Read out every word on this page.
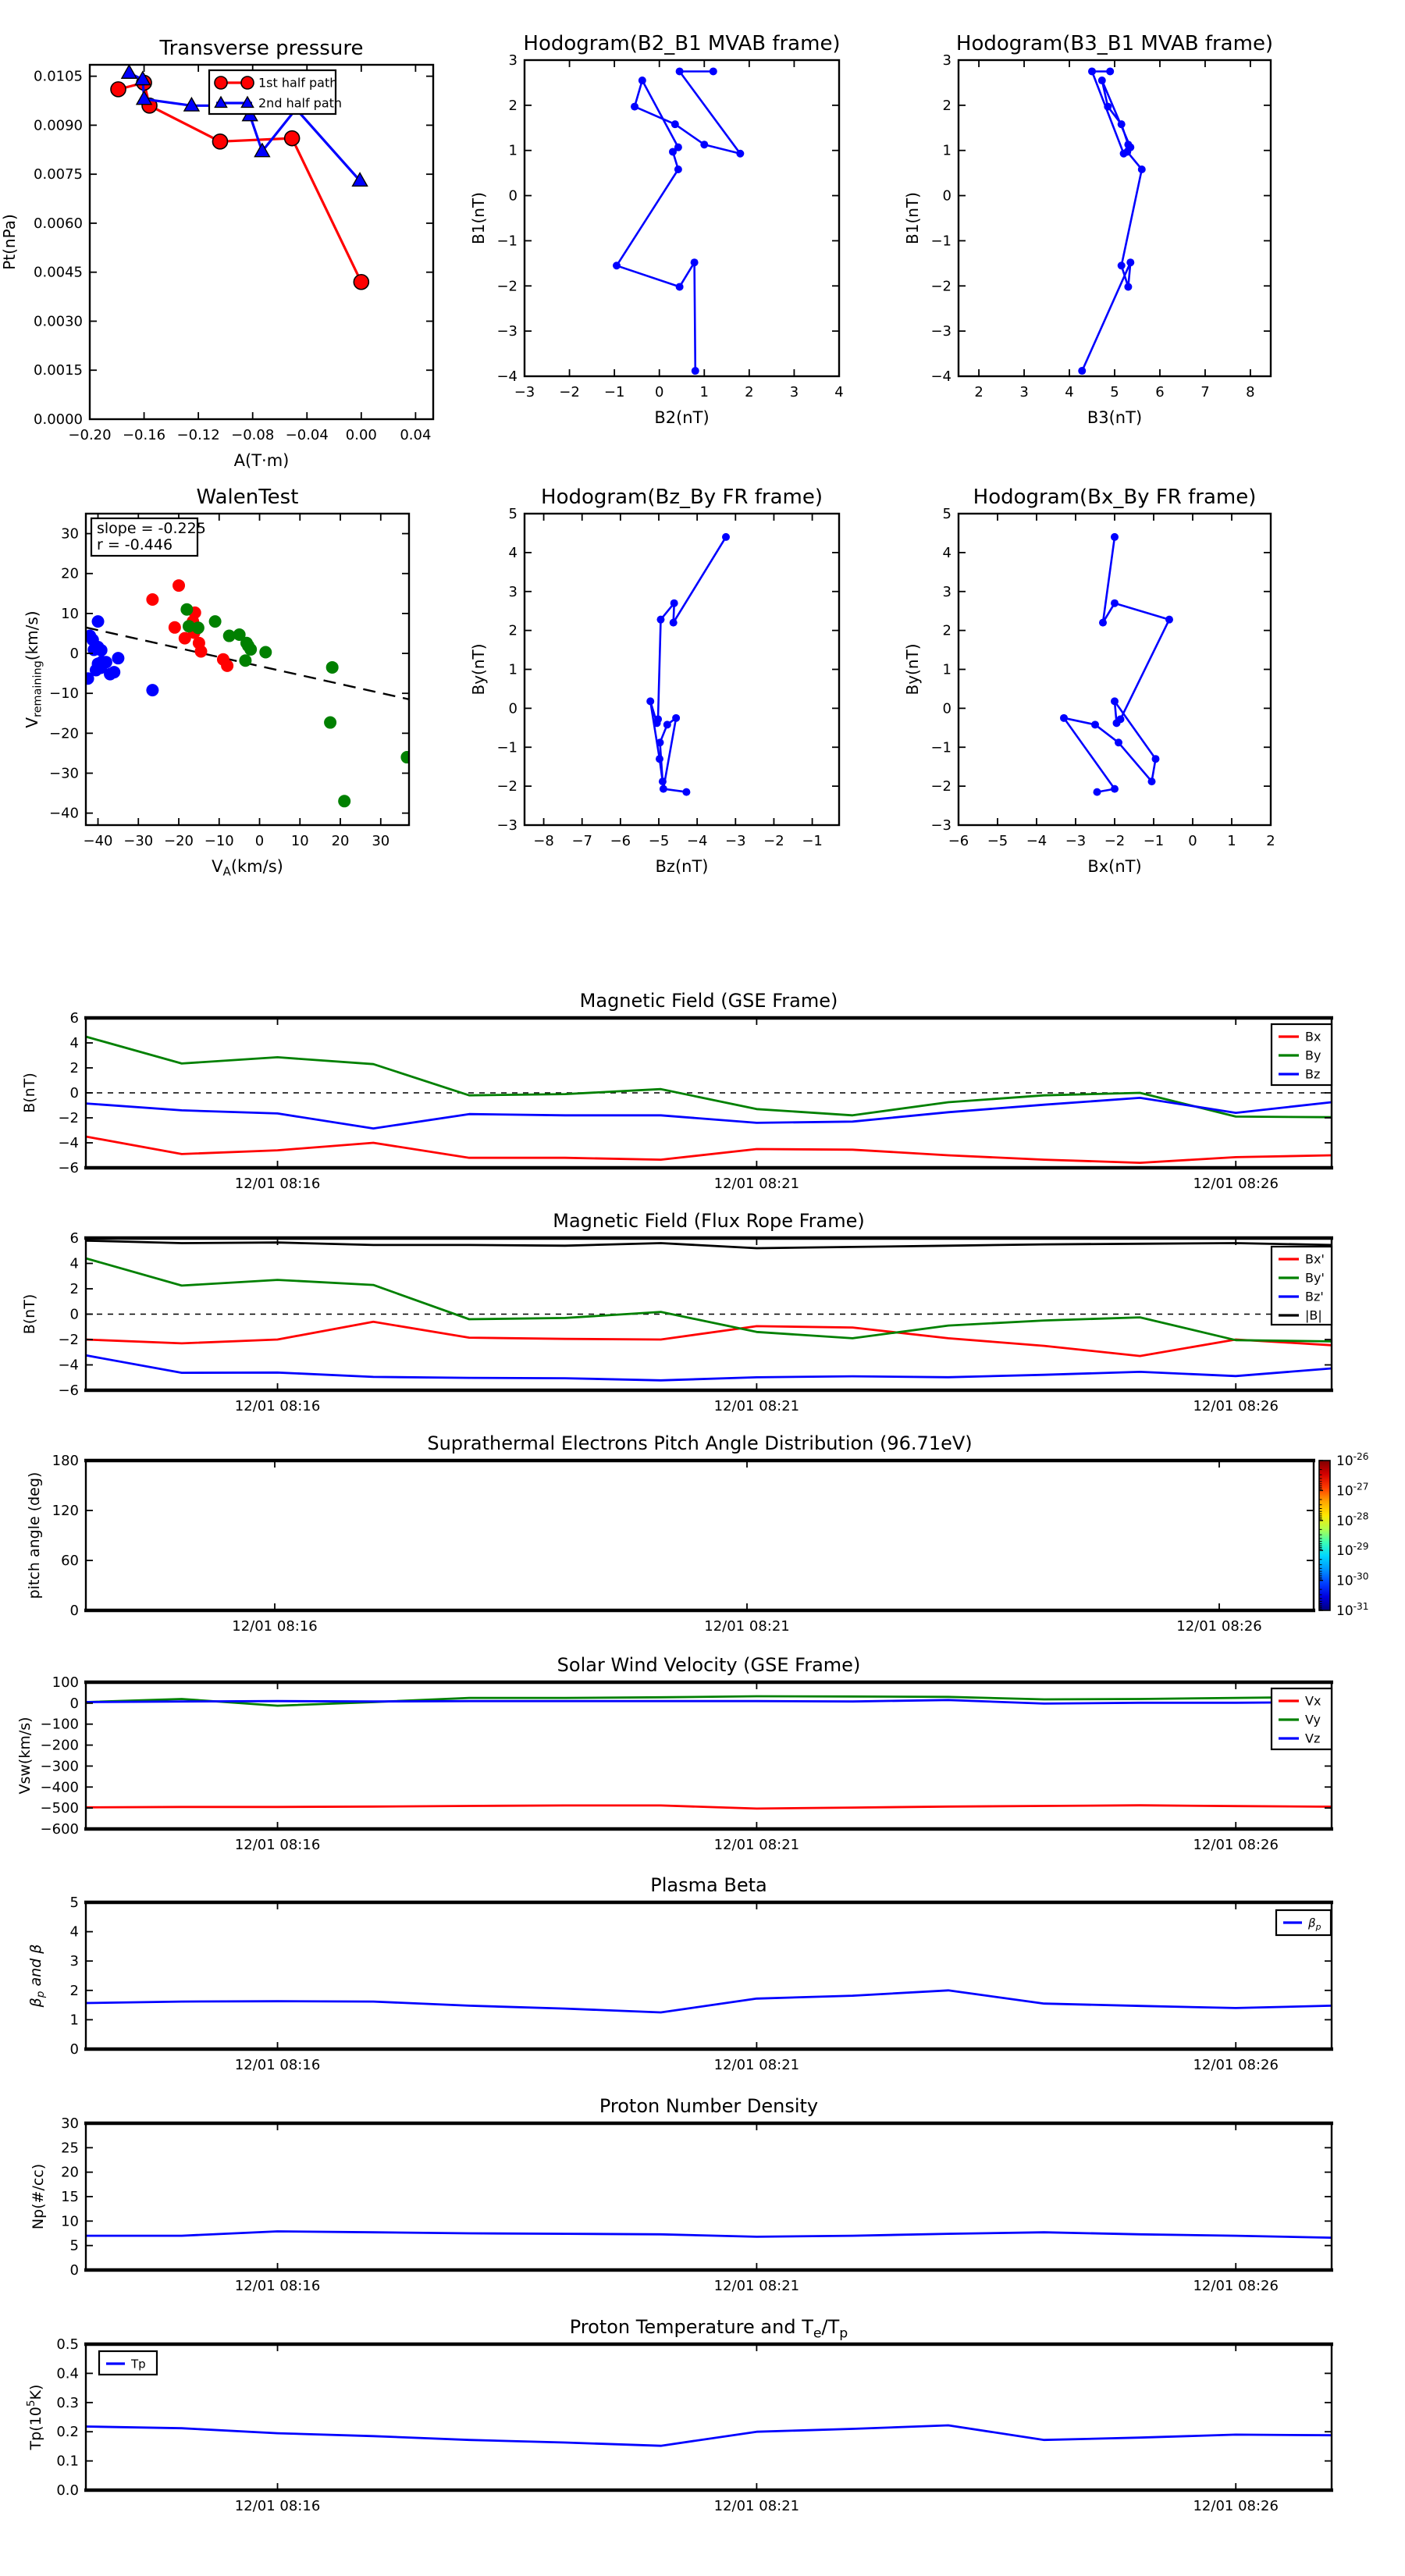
−0.20 −0.16 −0.12 −0.08 −0.04 0.00 0.04
0.0000
0.0015
0.0030
0.0045
0.0060
0.0075
0.0090
0.0105
Transverse pressure
A(T·m)
Pt(nPa)
1st half path
2nd half path
−3 −2 −1 0	1	2	3	4
−4
−3
−2
−1
0
1
2
3
Hodogram(B2_B1 MVAB frame)
B2(nT)
B1(nT)
2	3	4	5	6	7	8
−4
−3
−2
−1
0
1
2
3
Hodogram(B3_B1 MVAB frame)
B3(nT)
B1(nT)
−40 −30 −20 −10 0 10 20 30
−40
−30
−20
−10
0
10
20
30
WalenTest
$V_A(km/s)$
$V_{remaining}(km/s)$
slope = -0.225
r = -0.446
−8 −7 −6 −5 −4 −3 −2 −1
−3
−2
−1
0
1
2
3
4
5
Hodogram(Bz_By FR frame)
Bz(nT)
By(nT)
−6 −5 −4 −3 −2 −1 0 1 2
−3
−2
−1
0
1
2
3
4
5
Hodogram(Bx_By FR frame)
Bx(nT)
By(nT)
12/01 08:16	12/01 08:21	12/01 08:26
−6
−4
−2
0
2
4
6
Magnetic Field (GSE Frame)
B(nT)
Bx
By
Bz
12/01 08:16	12/01 08:21	12/01 08:26
−6
−4
−2
0
2
4
6
Magnetic Field (Flux Rope Frame)
B(nT)
Bx'
By'
Bz'
|B|
12/01 08:16	12/01 08:21	12/01 08:26
0
60
120
180
Suprathermal Electrons Pitch Angle Distribution (96.71eV)
pitch angle (deg)
$10^{-26}$
$10^{-27}$
$10^{-28}$
$10^{-29}$
$10^{-30}$
$10^{-31}$
12/01 08:16	12/01 08:21	12/01 08:26
−600
−500
−400
−300
−200
−100
0
100
Solar Wind Velocity (GSE Frame)
Vsw(km/s)
Vx
Vy
Vz
12/01 08:16	12/01 08:21	12/01 08:26
0
1
2
3
4
5
Plasma Beta
$\beta_p$ and β
$\beta_p$
12/01 08:16	12/01 08:21	12/01 08:26
0
5
10
15
20
25
30
Proton Number Density
Np(#/cc)
12/01 08:16	12/01 08:21	12/01 08:26
0.0
0.1
0.2
0.3
0.4
0.5
Proton Temperature and $T_e/T_p$
$Tp(10^5K)$
Tp
